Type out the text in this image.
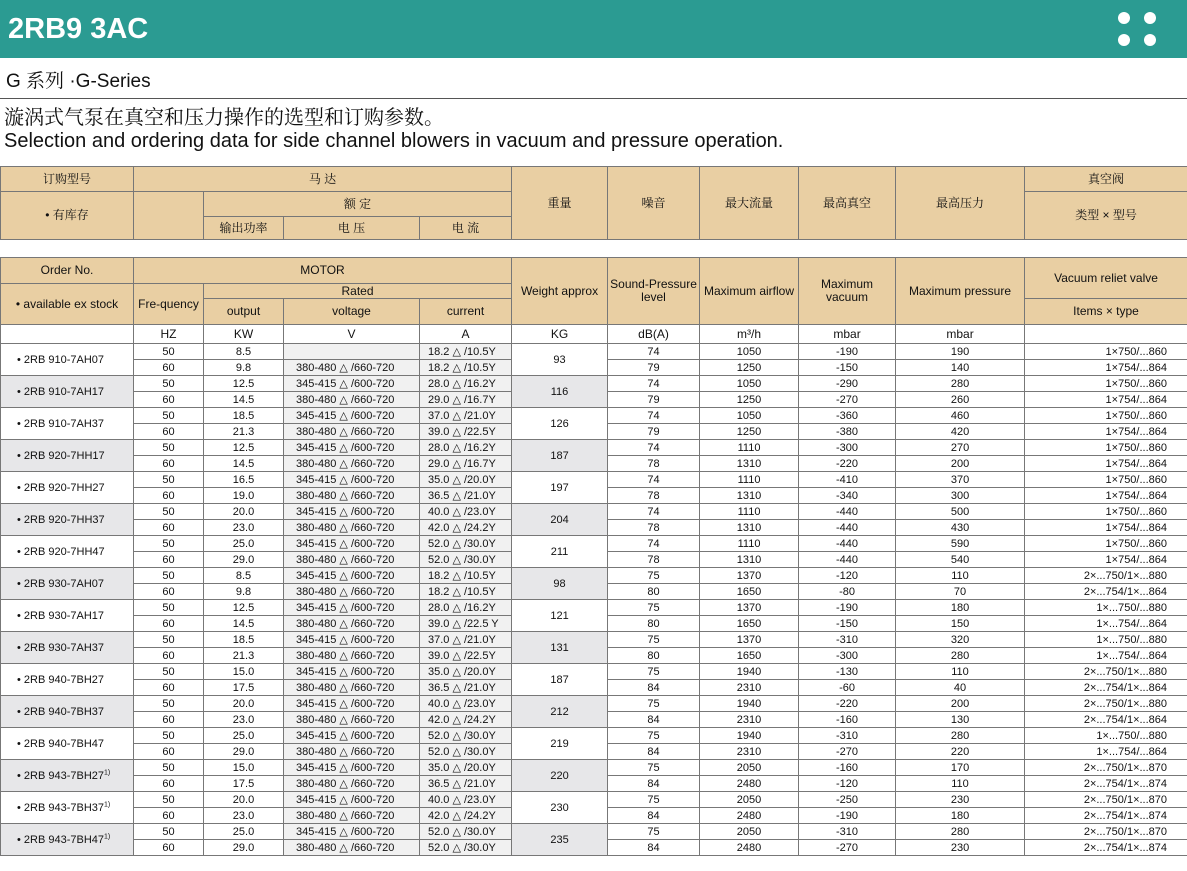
2RB9 3AC
G 系列 ·G-Series
漩涡式气泵在真空和压力操作的选型和订购参数。
Selection and ordering data for side channel blowers in vacuum and pressure operation.
订购型号	马 达				重量	噪音	最大流量	最高真空	最高压力	真空阀
• 有库存		额 定								类型 × 型号
		输出功率	电 压	电 流						
Order No.	MOTOR				Weight approx	Sound-Pressure level	Maximum airflow	Maximum vacuum	Maximum pressure	Vacuum reliet valve
• available ex stock	Fre-quency	Rated								
		output	voltage	current						Items × type
	HZ	KW	V	A	KG	dB(A)	m³/h	mbar	mbar	
• 2RB 910-7AH07	50	8.5		18.2 △ /10.5Y	93	74	1050	-190	190	1×750/...860
	60	9.8	380-480 △ /660-720	18.2 △ /10.5Y		79	1250	-150	140	1×754/...864
• 2RB 910-7AH17	50	12.5	345-415 △ /600-720	28.0 △ /16.2Y	116	74	1050	-290	280	1×750/...860
	60	14.5	380-480 △ /660-720	29.0 △ /16.7Y		79	1250	-270	260	1×754/...864
• 2RB 910-7AH37	50	18.5	345-415 △ /600-720	37.0 △ /21.0Y	126	74	1050	-360	460	1×750/...860
	60	21.3	380-480 △ /660-720	39.0 △ /22.5Y		79	1250	-380	420	1×754/...864
• 2RB 920-7HH17	50	12.5	345-415 △ /600-720	28.0 △ /16.2Y	187	74	1110	-300	270	1×750/...860
	60	14.5	380-480 △ /660-720	29.0 △ /16.7Y		78	1310	-220	200	1×754/...864
• 2RB 920-7HH27	50	16.5	345-415 △ /600-720	35.0 △ /20.0Y	197	74	1110	-410	370	1×750/...860
	60	19.0	380-480 △ /660-720	36.5 △ /21.0Y		78	1310	-340	300	1×754/...864
• 2RB 920-7HH37	50	20.0	345-415 △ /600-720	40.0 △ /23.0Y	204	74	1110	-440	500	1×750/...860
	60	23.0	380-480 △ /660-720	42.0 △ /24.2Y		78	1310	-440	430	1×754/...864
• 2RB 920-7HH47	50	25.0	345-415 △ /600-720	52.0 △ /30.0Y	211	74	1110	-440	590	1×750/...860
	60	29.0	380-480 △ /660-720	52.0 △ /30.0Y		78	1310	-440	540	1×754/...864
• 2RB 930-7AH07	50	8.5	345-415 △ /600-720	18.2 △ /10.5Y	98	75	1370	-120	110	2×...750/1×...880
	60	9.8	380-480 △ /660-720	18.2 △ /10.5Y		80	1650	-80	70	2×...754/1×...864
• 2RB 930-7AH17	50	12.5	345-415 △ /600-720	28.0 △ /16.2Y	121	75	1370	-190	180	1×...750/...880
	60	14.5	380-480 △ /660-720	39.0 △ /22.5 Y		80	1650	-150	150	1×...754/...864
• 2RB 930-7AH37	50	18.5	345-415 △ /600-720	37.0 △ /21.0Y	131	75	1370	-310	320	1×...750/...880
	60	21.3	380-480 △ /660-720	39.0 △ /22.5Y		80	1650	-300	280	1×...754/...864
• 2RB 940-7BH27	50	15.0	345-415 △ /600-720	35.0 △ /20.0Y	187	75	1940	-130	110	2×...750/1×...880
	60	17.5	380-480 △ /660-720	36.5 △ /21.0Y		84	2310	-60	40	2×...754/1×...864
• 2RB 940-7BH37	50	20.0	345-415 △ /600-720	40.0 △ /23.0Y	212	75	1940	-220	200	2×...750/1×...880
	60	23.0	380-480 △ /660-720	42.0 △ /24.2Y		84	2310	-160	130	2×...754/1×...864
• 2RB 940-7BH47	50	25.0	345-415 △ /600-720	52.0 △ /30.0Y	219	75	1940	-310	280	1×...750/...880
	60	29.0	380-480 △ /660-720	52.0 △ /30.0Y		84	2310	-270	220	1×...754/...864
• 2RB 943-7BH27$^{1)}$	50	15.0	345-415 △ /600-720	35.0 △ /20.0Y	220	75	2050	-160	170	2×...750/1×...870
	60	17.5	380-480 △ /660-720	36.5 △ /21.0Y		84	2480	-120	110	2×...754/1×...874
• 2RB 943-7BH37$^{1)}$	50	20.0	345-415 △ /600-720	40.0 △ /23.0Y	230	75	2050	-250	230	2×...750/1×...870
	60	23.0	380-480 △ /660-720	42.0 △ /24.2Y		84	2480	-190	180	2×...754/1×...874
• 2RB 943-7BH47$^{1)}$	50	25.0	345-415 △ /600-720	52.0 △ /30.0Y	235	75	2050	-310	280	2×...750/1×...870
	60	29.0	380-480 △ /660-720	52.0 △ /30.0Y		84	2480	-270	230	2×...754/1×...874
